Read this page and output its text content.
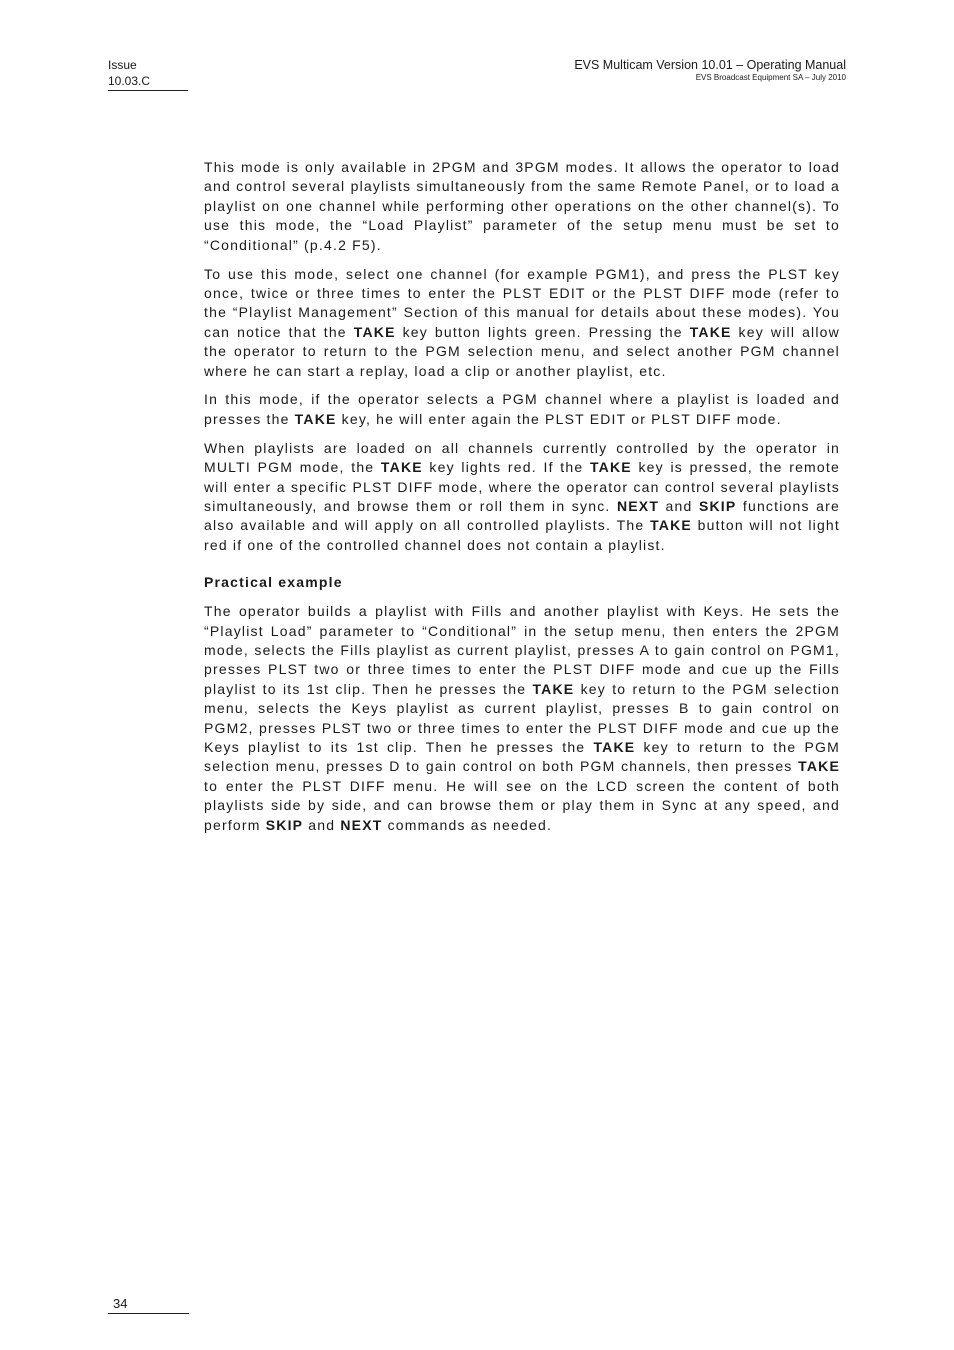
Issue
10.03.C
EVS Multicam Version 10.01 – Operating Manual
EVS Broadcast Equipment SA – July 2010

This mode is only available in 2PGM and 3PGM modes. It allows the operator to load and control several playlists simultaneously from the same Remote Panel, or to load a playlist on one channel while performing other operations on the other channel(s). To use this mode, the “Load Playlist” parameter of the setup menu must be set to “Conditional” (p.4.2 F5).

To use this mode, select one channel (for example PGM1), and press the PLST key once, twice or three times to enter the PLST EDIT or the PLST DIFF mode (refer to the “Playlist Management” Section of this manual for details about these modes). You can notice that the TAKE key button lights green. Pressing the TAKE key will allow the operator to return to the PGM selection menu, and select another PGM channel where he can start a replay, load a clip or another playlist, etc.

In this mode, if the operator selects a PGM channel where a playlist is loaded and presses the TAKE key, he will enter again the PLST EDIT or PLST DIFF mode.

When playlists are loaded on all channels currently controlled by the operator in MULTI PGM mode, the TAKE key lights red. If the TAKE key is pressed, the remote will enter a specific PLST DIFF mode, where the operator can control several playlists simultaneously, and browse them or roll them in sync. NEXT and SKIP functions are also available and will apply on all controlled playlists. The TAKE button will not light red if one of the controlled channel does not contain a playlist.

Practical example

The operator builds a playlist with Fills and another playlist with Keys. He sets the “Playlist Load” parameter to “Conditional” in the setup menu, then enters the 2PGM mode, selects the Fills playlist as current playlist, presses A to gain control on PGM1, presses PLST two or three times to enter the PLST DIFF mode and cue up the Fills playlist to its 1st clip. Then he presses the TAKE key to return to the PGM selection menu, selects the Keys playlist as current playlist, presses B to gain control on PGM2, presses PLST two or three times to enter the PLST DIFF mode and cue up the Keys playlist to its 1st clip. Then he presses the TAKE key to return to the PGM selection menu, presses D to gain control on both PGM channels, then presses TAKE to enter the PLST DIFF menu. He will see on the LCD screen the content of both playlists side by side, and can browse them or play them in Sync at any speed, and perform SKIP and NEXT commands as needed.

34
